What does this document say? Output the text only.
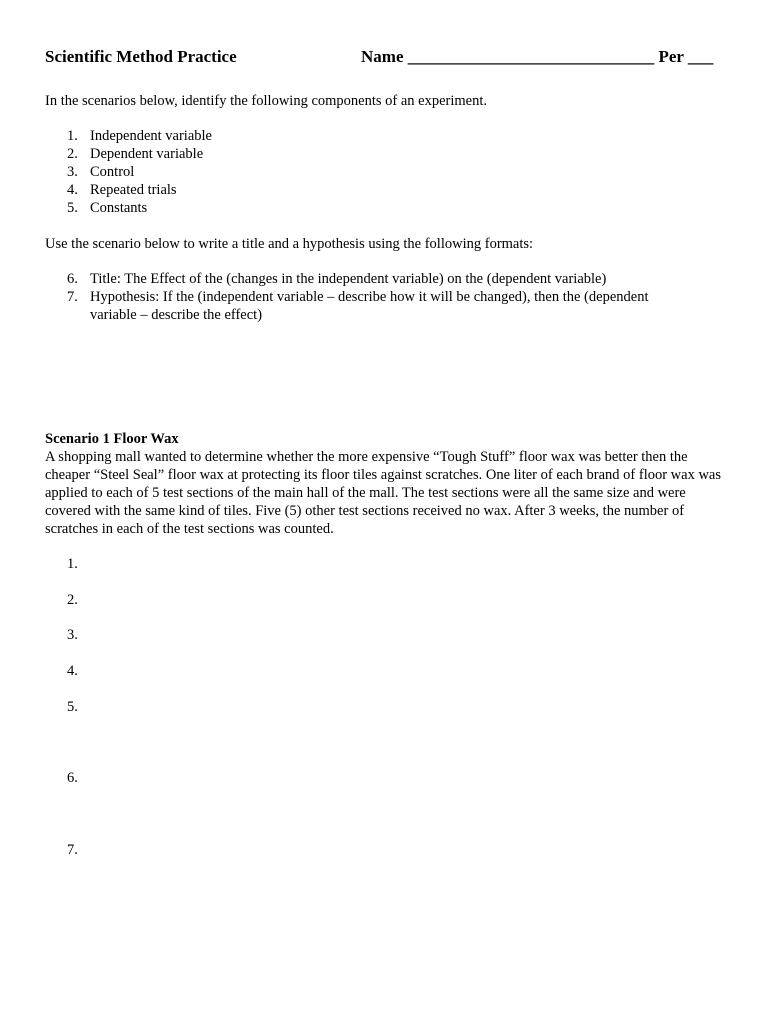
Scientific Method Practice	Name _____________________________ Per ___
In the scenarios below, identify the following components of an experiment.
1. Independent variable
2. Dependent variable
3. Control
4. Repeated trials
5. Constants
Use the scenario below to write a title and a hypothesis using the following formats:
6. Title: The Effect of the (changes in the independent variable) on the (dependent variable)
7. Hypothesis: If the (independent variable – describe how it will be changed), then the (dependent variable – describe the effect)
Scenario 1 Floor Wax
A shopping mall wanted to determine whether the more expensive “Tough Stuff” floor wax was better then the cheaper “Steel Seal” floor wax at protecting its floor tiles against scratches. One liter of each brand of floor wax was applied to each of 5 test sections of the main hall of the mall. The test sections were all the same size and were covered with the same kind of tiles. Five (5) other test sections received no wax. After 3 weeks, the number of scratches in each of the test sections was counted.
1.
2.
3.
4.
5.
6.
7.
